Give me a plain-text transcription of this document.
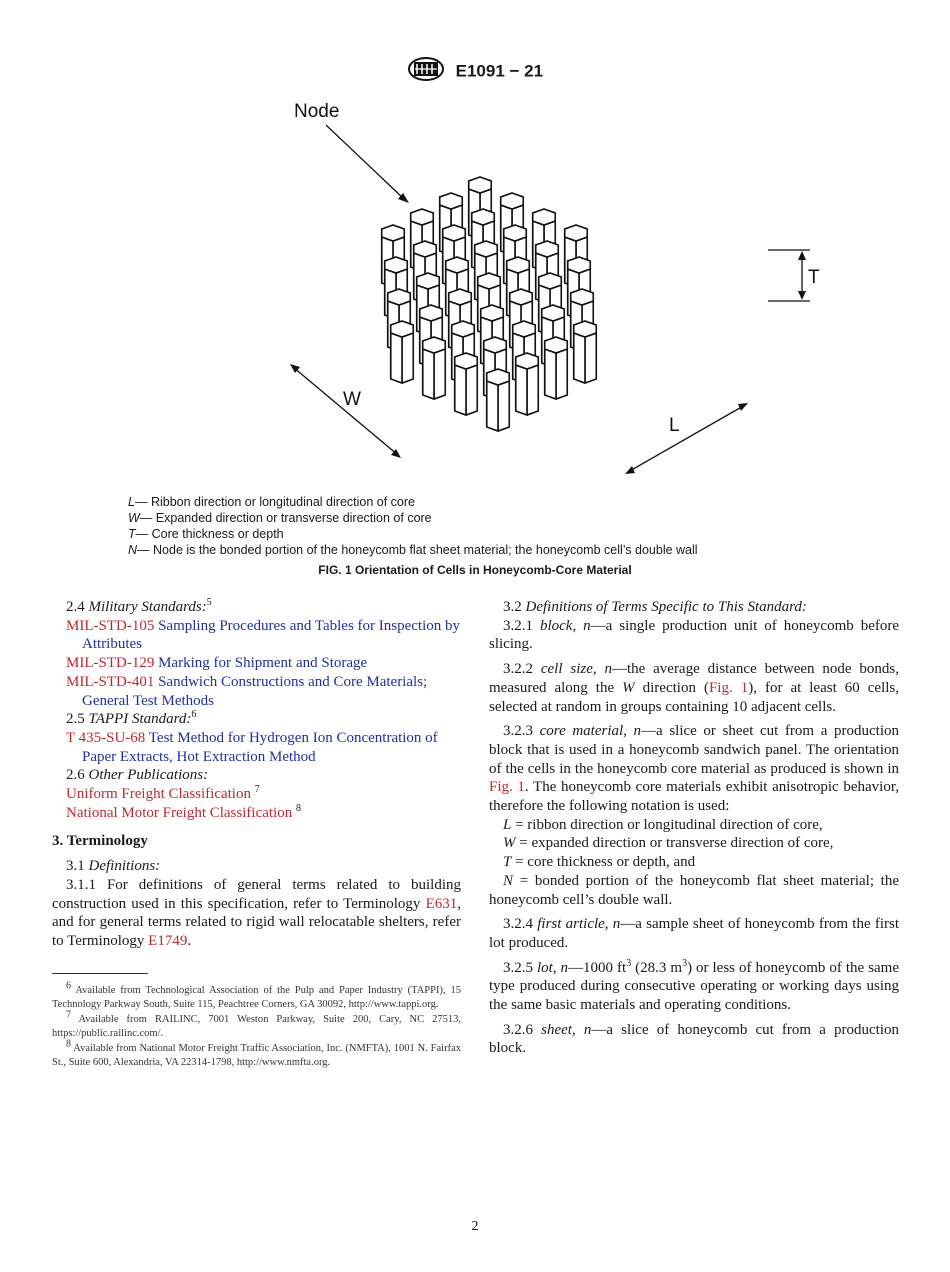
E1091 − 21
Node
T
W
L
L— Ribbon direction or longitudinal direction of core
W— Expanded direction or transverse direction of core
T— Core thickness or depth
N— Node is the bonded portion of the honeycomb flat sheet material; the honeycomb cell’s double wall
FIG. 1 Orientation of Cells in Honeycomb-Core Material

2.4 Military Standards:$^5$

MIL-STD-105 Sampling Procedures and Tables for Inspection by Attributes

MIL-STD-129 Marking for Shipment and Storage

MIL-STD-401 Sandwich Constructions and Core Materials; General Test Methods

2.5 TAPPI Standard:$^6$

T 435-SU-68 Test Method for Hydrogen Ion Concentration of Paper Extracts, Hot Extraction Method

2.6 Other Publications:

Uniform Freight Classification $^7$

National Motor Freight Classification $^8$

3. Terminology

3.1 Definitions:

3.1.1 For definitions of general terms related to building construction used in this specification, refer to Terminology E631, and for general terms related to rigid wall relocatable shelters, refer to Terminology E1749.

$^6$ Available from Technological Association of the Pulp and Paper Industry (TAPPI), 15 Technology Parkway South, Suite 115, Peachtree Corners, GA 30092, http://www.tappi.org.

$^7$ Available from RAILINC, 7001 Weston Parkway, Suite 200, Cary, NC 27513, https://public.railinc.com/.

$^8$ Available from National Motor Freight Traffic Association, Inc. (NMFTA), 1001 N. Fairfax St., Suite 600, Alexandria, VA 22314-1798, http://www.nmfta.org.

3.2 Definitions of Terms Specific to This Standard:

3.2.1 block, n—a single production unit of honeycomb before slicing.

3.2.2 cell size, n—the average distance between node bonds, measured along the W direction (Fig. 1), for at least 60 cells, selected at random in groups containing 10 adjacent cells.

3.2.3 core material, n—a slice or sheet cut from a production block that is used in a honeycomb sandwich panel. The orientation of the cells in the honeycomb core material as produced is shown in Fig. 1. The honeycomb core materials exhibit anisotropic behavior, therefore the following notation is used:

L = ribbon direction or longitudinal direction of core,

W = expanded direction or transverse direction of core,

T = core thickness or depth, and

N = bonded portion of the honeycomb flat sheet material; the honeycomb cell’s double wall.

3.2.4 first article, n—a sample sheet of honeycomb from the first lot produced.

3.2.5 lot, n—1000 $ft^3$ (28.3 $m^3$) or less of honeycomb of the same type produced during consecutive operating or working days using the same basic materials and operating conditions.

3.2.6 sheet, n—a slice of honeycomb cut from a production block.

2
